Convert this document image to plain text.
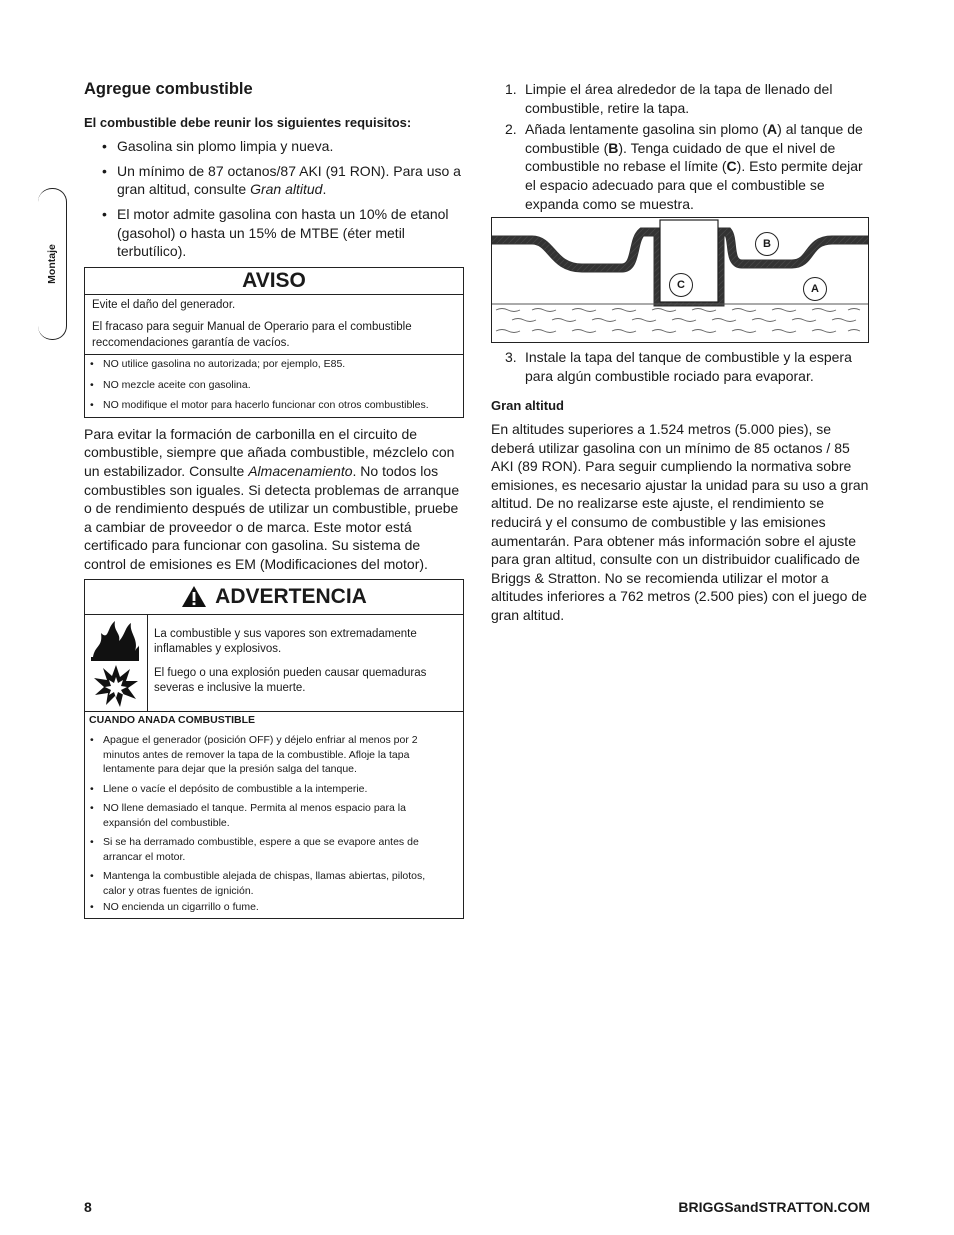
Montaje
Agregue combustible
El combustible debe reunir los siguientes requisitos:
• Gasolina sin plomo limpia y nueva.
• Un mínimo de 87 octanos/87 AKI (91 RON). Para uso a gran altitud, consulte Gran altitud.
• El motor admite gasolina con hasta un 10% de etanol (gasohol) o hasta un 15% de MTBE (éter metil terbutílico).
AVISO
Evite el daño del generador.
El fracaso para seguir Manual de Operario para el combustible reccomendaciones garantía de vacíos.
• NO utilice gasolina no autorizada; por ejemplo, E85.
• NO mezcle aceite con gasolina.
• NO modifique el motor para hacerlo funcionar con otros combustibles.

Para evitar la formación de carbonilla en el circuito de combustible, siempre que añada combustible, mézclelo con un estabilizador. Consulte Almacenamiento. No todos los combustibles son iguales. Si detecta problemas de arranque o de rendimiento después de utilizar un combustible, pruebe a cambiar de proveedor o de marca. Este motor está certificado para funcionar con gasolina. Su sistema de control de emisiones es EM (Modificaciones del motor).

ADVERTENCIA
La combustible y sus vapores son extremadamente inflamables y explosivos.
El fuego o una explosión pueden causar quemaduras severas e inclusive la muerte.
CUANDO ANADA COMBUSTIBLE
• Apague el generador (posición OFF) y déjelo enfriar al menos por 2 minutos antes de remover la tapa de la combustible. Afloje la tapa lentamente para dejar que la presión salga del tanque.
• Llene o vacíe el depósito de combustible a la intemperie.
• NO llene demasiado el tanque. Permita al menos espacio para la expansión del combustible.
• Si se ha derramado combustible, espere a que se evapore antes de arrancar el motor.
• Mantenga la combustible alejada de chispas, llamas abiertas, pilotos, calor y otras fuentes de ignición.
• NO encienda un cigarrillo o fume.
1. Limpie el área alrededor de la tapa de llenado del combustible, retire la tapa.
2. Añada lentamente gasolina sin plomo (A) al tanque de combustible (B). Tenga cuidado de que el nivel de combustible no rebase el límite (C). Esto permite dejar el espacio adecuado para que el combustible se expanda como se muestra.
C
B
A
3. Instale la tapa del tanque de combustible y la espera para algún combustible rociado para evaporar.
Gran altitud

En altitudes superiores a 1.524 metros (5.000 pies), se deberá utilizar gasolina con un mínimo de 85 octanos / 85 AKI (89 RON). Para seguir cumpliendo la normativa sobre emisiones, es necesario ajustar la unidad para su uso a gran altitud. De no realizarse este ajuste, el rendimiento se reducirá y el consumo de combustible y las emisiones aumentarán. Para obtener más información sobre el ajuste para gran altitud, consulte con un distribuidor cualificado de Briggs & Stratton. No se recomienda utilizar el motor a altitudes inferiores a 762 metros (2.500 pies) con el juego de gran altitud.

8	BRIGGSandSTRATTON.COM
